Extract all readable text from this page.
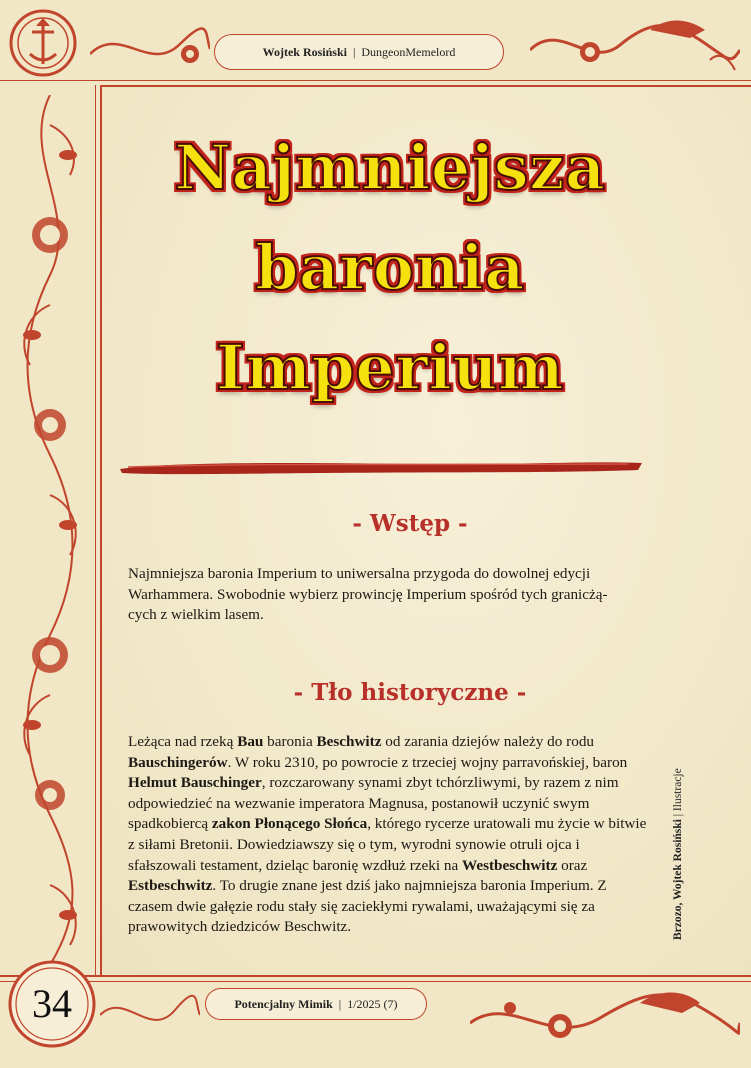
34
Wojtek Rosiński | DungeonMemelord
Najmniejsza
baronia
Imperium
- Wstęp -
Najmniejsza baronia Imperium to uniwersalna przygoda do dowolnej edycji
Warhammera. Swobodnie wybierz prowincję Imperium spośród tych granicżą-
cych z wielkim lasem.
- Tło historyczne -
Leżąca nad rzeką Bau baronia Beschwitz od zarania dziejów należy do rodu Bauschingerów. W roku 2310, po powrocie z trzeciej wojny parravońskiej, baron Helmut Bauschinger, rozczarowany synami zbyt tchórzliwymi, by razem z nim odpowiedzieć na wezwanie imperatora Magnusa, postanowił uczynić swym spadkobiercą zakon Płonącego Słońca, którego rycerze uratowali mu życie w bitwie z siłami Bretonii. Dowiedziawszy się o tym, wyrodni synowie otruli ojca i sfałszowali testament, dzieląc baronię wzdłuż rzeki na Westbeschwitz oraz Estbeschwitz. To drugie znane jest dziś jako najmniejsza baronia Imperium. Z czasem dwie gałęzie rodu stały się zaciekłymi rywalami, uważającymi się za prawowitych dziedziców Beschwitz.	Brzozo, Wojtek Rosiński | Ilustracje
Potencjalny Mimik | 1/2025 (7)
